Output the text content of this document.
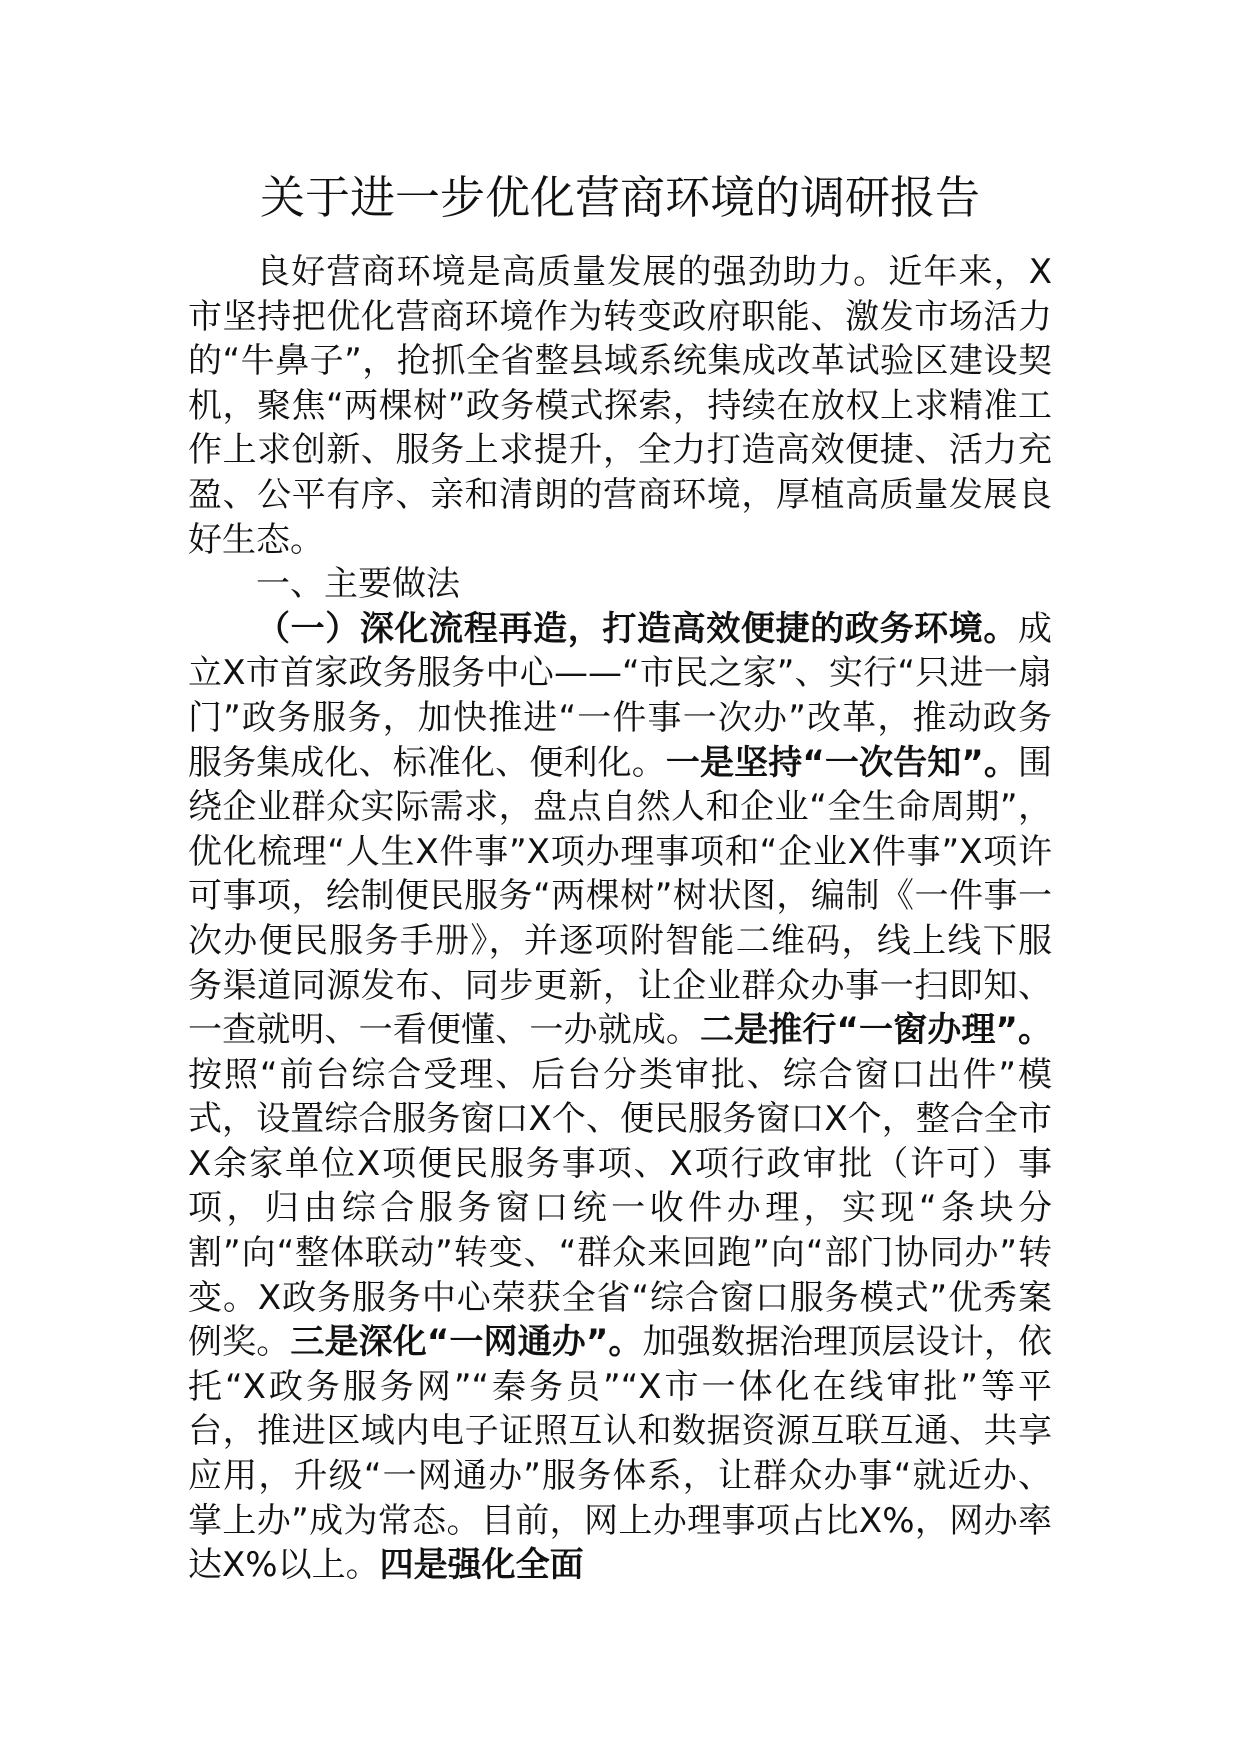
关于进一步优化营商环境的调研报告

良好营商环境是高质量发展的强劲助力。近年来，X市坚持把优化营商环境作为转变政府职能、激发市场活力的“牛鼻子”，抢抓全省整县域系统集成改革试验区建设契机，聚焦“两棵树”政务模式探索，持续在放权上求精准工作上求创新、服务上求提升，全力打造高效便捷、活力充盈、公平有序、亲和清朗的营商环境，厚植高质量发展良好生态。

一、主要做法

（一）深化流程再造，打造高效便捷的政务环境。成立X市首家政务服务中心——“市民之家”、实行“只进一扇门”政务服务，加快推进“一件事一次办”改革，推动政务服务集成化、标准化、便利化。一是坚持“一次告知”。围绕企业群众实际需求，盘点自然人和企业“全生命周期”，优化梳理“人生X件事”X项办理事项和“企业X件事”X项许可事项，绘制便民服务“两棵树”树状图，编制《一件事一次办便民服务手册》，并逐项附智能二维码，线上线下服务渠道同源发布、同步更新，让企业群众办事一扫即知、一查就明、一看便懂、一办就成。二是推行“一窗办理”。按照“前台综合受理、后台分类审批、综合窗口出件”模式，设置综合服务窗口X个、便民服务窗口X个，整合全市X余家单位X项便民服务事项、X项行政审批（许可）事项，归由综合服务窗口统一收件办理，实现“条块分割”向“整体联动”转变、“群众来回跑”向“部门协同办”转变。X政务服务中心荣获全省“综合窗口服务模式”优秀案例奖。三是深化“一网通办”。加强数据治理顶层设计，依托“X政务服务网”“秦务员”“X市一体化在线审批”等平台，推进区域内电子证照互认和数据资源互联互通、共享应用，升级“一网通办”服务体系，让群众办事“就近办、掌上办”成为常态。目前，网上办理事项占比X%，网办率达X%以上。四是强化全面
